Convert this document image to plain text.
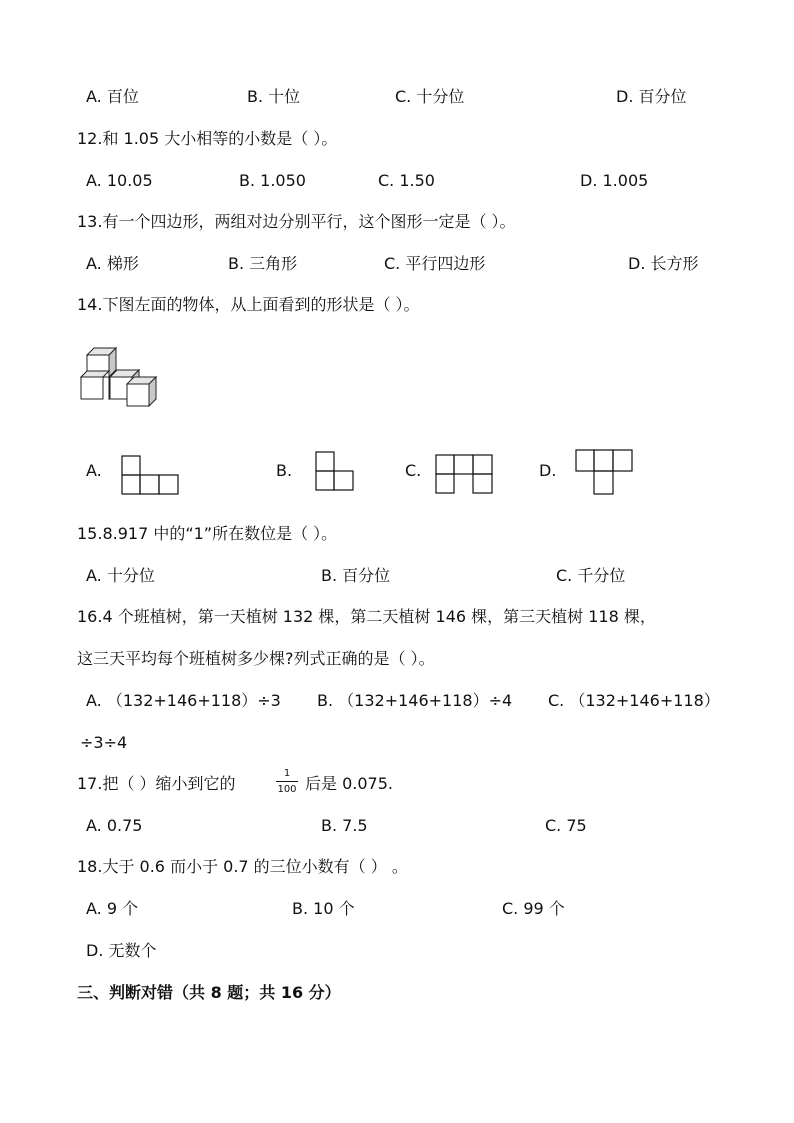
A. 百位	B. 十位	C. 十分位	D. 百分位
12.和 1.05 大小相等的小数是（ ）。
A. 10.05	B. 1.050	C. 1.50	D. 1.005
13.有一个四边形，两组对边分别平行，这个图形一定是（ ）。
A. 梯形	B. 三角形	C. 平行四边形	D. 长方形
14.下图左面的物体，从上面看到的形状是（ ）。
A.	B.	C.	D.
15.8.917 中的“1”所在数位是（ ）。
A. 十分位	B. 百分位	C. 千分位
16.4 个班植树，第一天植树 132 棵，第二天植树 146 棵，第三天植树 118 棵，
这三天平均每个班植树多少棵?列式正确的是（ ）。
A. （132+146+118）÷3 B. （132+146+118）÷4 C. （132+146+118）
÷3÷4
17.把（ ）缩小到它的
1
100 后是 0.075.
A. 0.75	B. 7.5	C. 75
18.大于 0.6 而小于 0.7 的三位小数有（ ） 。
A. 9 个	B. 10 个	C. 99 个
D. 无数个
三、判断对错（共 8 题；共 16 分）
